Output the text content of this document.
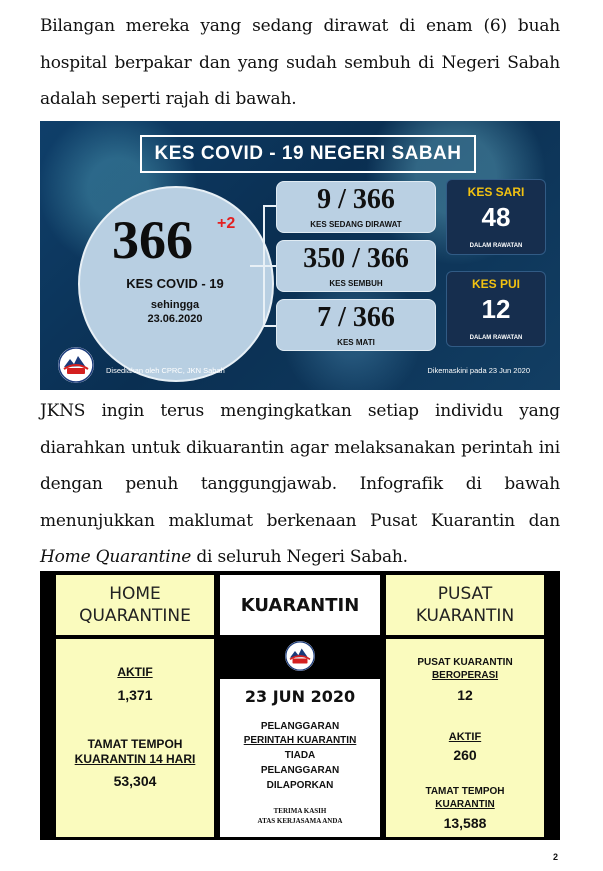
Bilangan mereka yang sedang dirawat di enam (6) buah hospital berpakar dan yang sudah sembuh di Negeri Sabah adalah seperti rajah di bawah.

KES COVID - 19 NEGERI SABAH
366 +2
KES COVID - 19
sehingga
23.06.2020
9 / 366
KES SEDANG DIRAWAT
350 / 366
KES SEMBUH
7 / 366
KES MATI
KES SARI
48
DALAM RAWATAN
KES PUI
12
DALAM RAWATAN
Disediakan oleh CPRC, JKN Sabah	Dikemaskini pada 23 Jun 2020

JKNS ingin terus mengingkatkan setiap individu yang diarahkan untuk dikuarantin agar melaksanakan perintah ini dengan penuh tanggungjawab. Infografik di bawah menunjukkan maklumat berkenaan Pusat Kuarantin dan Home Quarantine di seluruh Negeri Sabah.

HOME QUARANTINE
KUARANTIN
PUSAT KUARANTIN
AKTIF
1,371
TAMAT TEMPOH
KUARANTIN 14 HARI
53,304
23 JUN 2020
PELANGGARAN
PERINTAH KUARANTIN
TIADA
PELANGGARAN
DILAPORKAN
TERIMA KASIH
ATAS KERJASAMA ANDA
PUSAT KUARANTIN
BEROPERASI
12
AKTIF
260
TAMAT TEMPOH
KUARANTIN
13,588
2
